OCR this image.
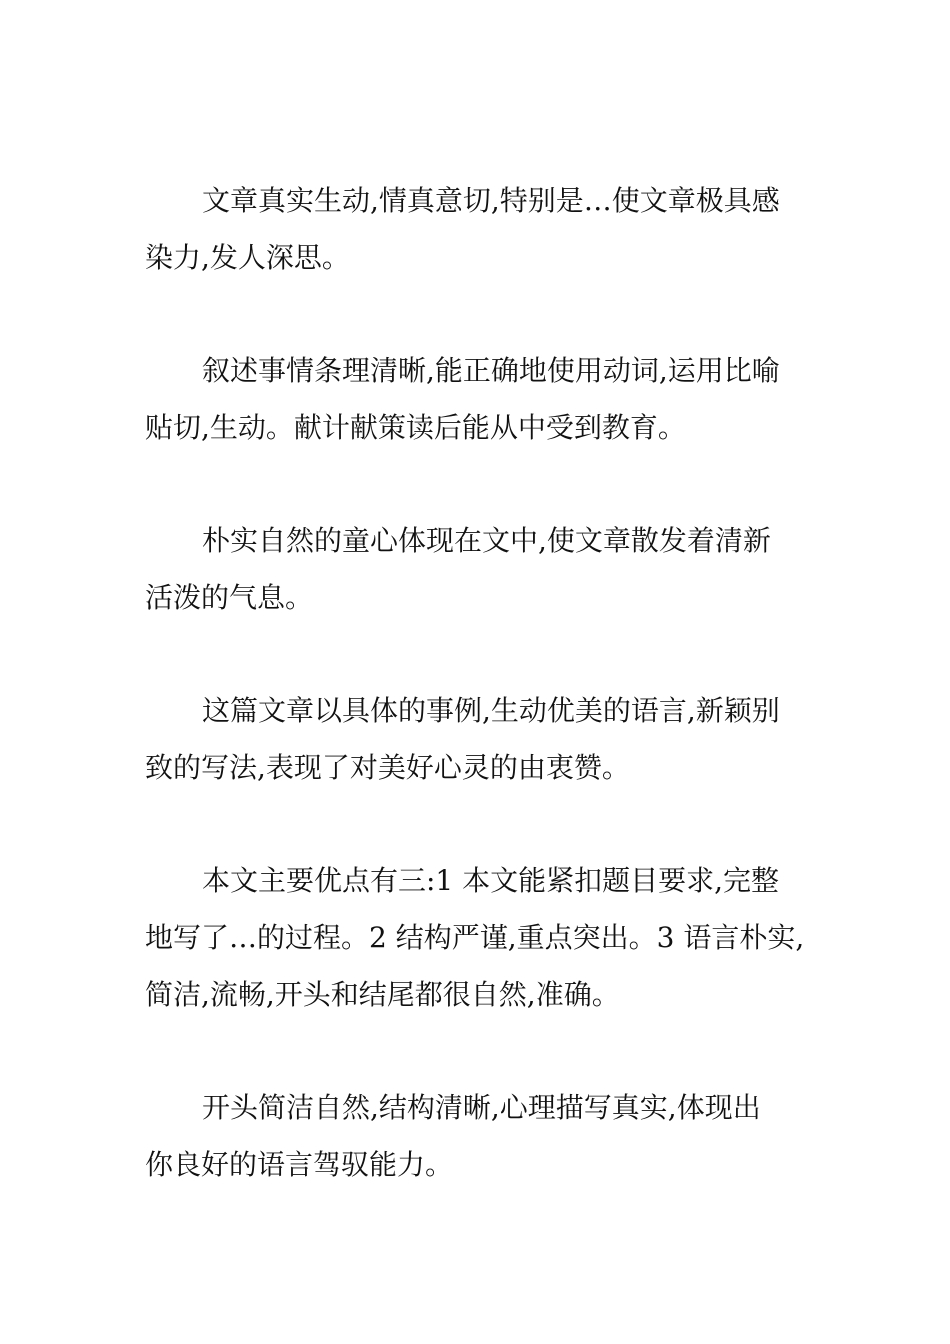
文章真实生动,情真意切,特别是…使文章极具感
染力,发人深思。

叙述事情条理清晰,能正确地使用动词,运用比喻
贴切,生动。献计献策读后能从中受到教育。

朴实自然的童心体现在文中,使文章散发着清新
活泼的气息。

这篇文章以具体的事例,生动优美的语言,新颖别
致的写法,表现了对美好心灵的由衷赞。

本文主要优点有三:1 本文能紧扣题目要求,完整
地写了…的过程。2 结构严谨,重点突出。3 语言朴实,
简洁,流畅,开头和结尾都很自然,准确。

开头简洁自然,结构清晰,心理描写真实,体现出
你良好的语言驾驭能力。
